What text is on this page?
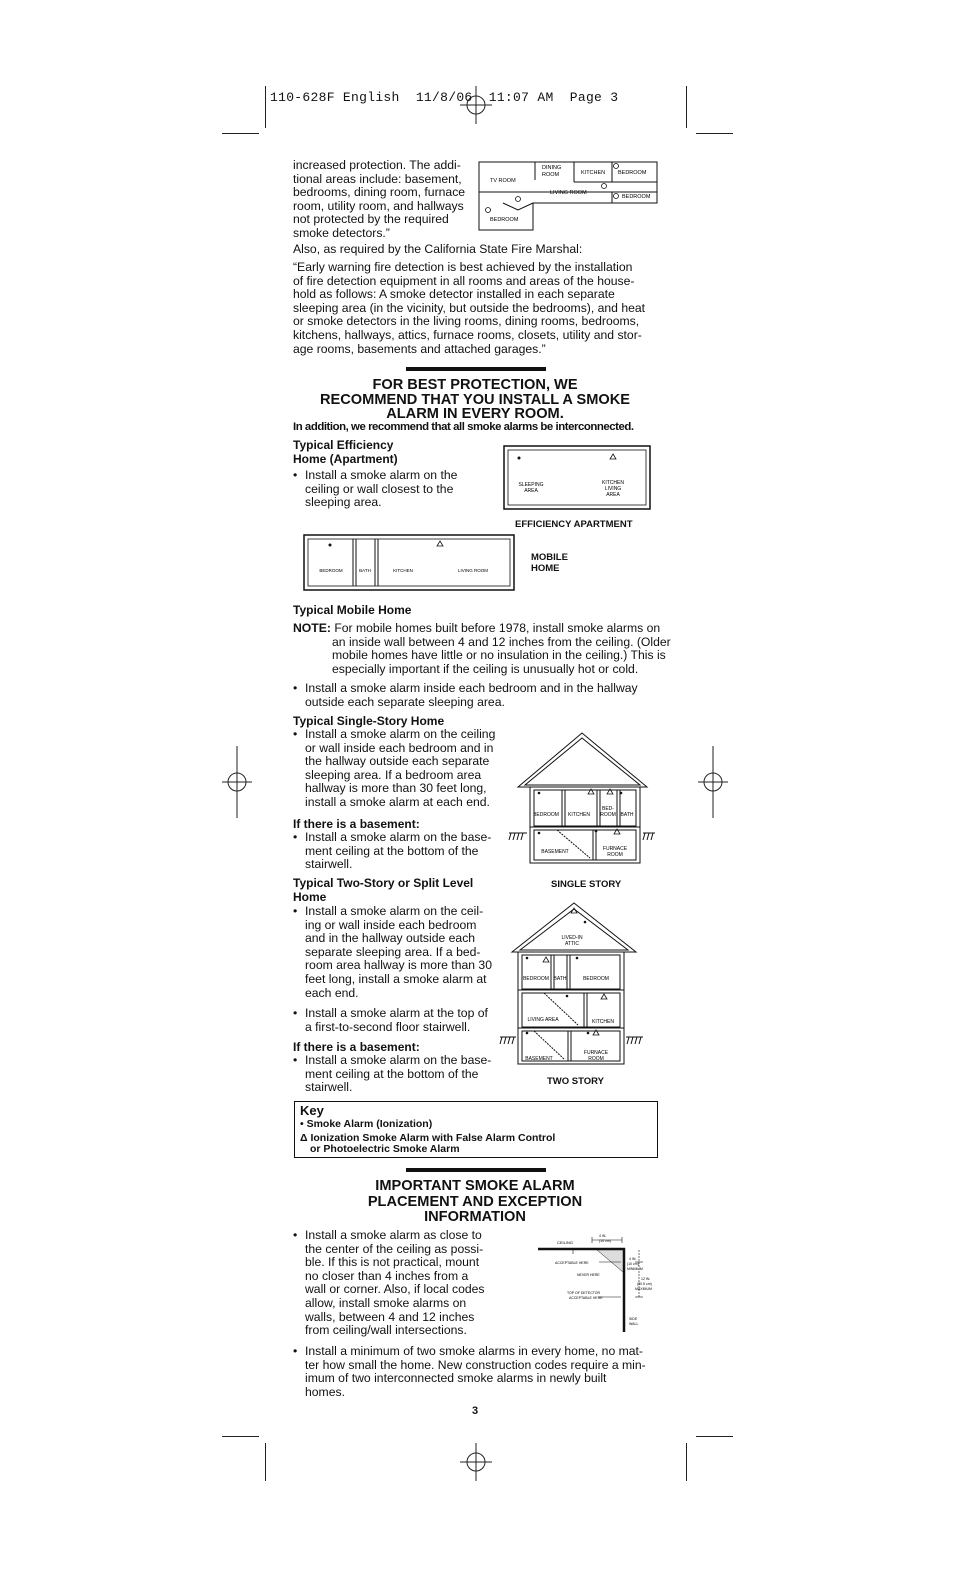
110-628F English  11/8/06  11:07 AM  Page 3
increased protection. The addi-
tional areas include: basement,
bedrooms, dining room, furnace
room, utility room, and hallways
not protected by the required
smoke detectors.”
TV ROOM
DINING
ROOM	KITCHEN BEDROOM
LIVING ROOM
BEDROOM
BEDROOM
Also, as required by the California State Fire Marshal:
“Early warning fire detection is best achieved by the installation
of fire detection equipment in all rooms and areas of the house-
hold as follows: A smoke detector installed in each separate
sleeping area (in the vicinity, but outside the bedrooms), and heat
or smoke detectors in the living rooms, dining rooms, bedrooms,
kitchens, hallways, attics, furnace rooms, closets, utility and stor-
age rooms, basements and attached garages.”
FOR BEST PROTECTION, WE
RECOMMEND THAT YOU INSTALL A SMOKE
ALARM IN EVERY ROOM.
In addition, we recommend that all smoke alarms be interconnected.
Typical Efficiency
Home (Apartment)
• Install a smoke alarm on the
ceiling or wall closest to the
sleeping area.
SLEEPING
AREA
KITCHEN
LIVING
AREA
EFFICIENCY APARTMENT
BEDROOM	BATH	KITCHEN	LIVING ROOM
MOBILE
HOME
Typical Mobile Home
NOTE: For mobile homes built before 1978, install smoke alarms on
an inside wall between 4 and 12 inches from the ceiling. (Older
mobile homes have little or no insulation in the ceiling.) This is
especially important if the ceiling is unusually hot or cold.
• Install a smoke alarm inside each bedroom and in the hallway
outside each separate sleeping area.
Typical Single-Story Home
• Install a smoke alarm on the ceiling
or wall inside each bedroom and in
the hallway outside each separate
sleeping area. If a bedroom area
hallway is more than 30 feet long,
install a smoke alarm at each end.
If there is a basement:
• Install a smoke alarm on the base-
ment ceiling at the bottom of the
stairwell.
BEDROOM KITCHEN
BED-
ROOM BATH
BASEMENT	FURNACE
ROOM
SINGLE STORY
Typical Two-Story or Split Level
Home
• Install a smoke alarm on the ceil-
ing or wall inside each bedroom
and in the hallway outside each
separate sleeping area. If a bed-
room area hallway is more than 30
feet long, install a smoke alarm at
each end.
• Install a smoke alarm at the top of
a first-to-second floor stairwell.
If there is a basement:
• Install a smoke alarm on the base-
ment ceiling at the bottom of the
stairwell.
LIVED-IN
ATTIC
BEDROOM BATH	BEDROOM
LIVING AREA	KITCHEN
BASEMENT
FURNACE
ROOM
TWO STORY
Key
• Smoke Alarm (Ionization)
Δ Ionization Smoke Alarm with False Alarm Control
or Photoelectric Smoke Alarm
IMPORTANT SMOKE ALARM
PLACEMENT AND EXCEPTION
INFORMATION
• Install a smoke alarm as close to
the center of the ceiling as possi-
ble. If this is not practical, mount
no closer than 4 inches from a
wall or corner. Also, if local codes
allow, install smoke alarms on
walls, between 4 and 12 inches
from ceiling/wall intersections.
CEILING
4 IN.
(10 cm)
ACCEPTABLE HERE
NEVER HERE
TOP OF DETECTOR
ACCEPTABLE HERE
4 IN.
(10 cm)
MINIMUM
12 IN.
(30.5 cm)
MAXIMUM
SIDE
WALL
• Install a minimum of two smoke alarms in every home, no mat-
ter how small the home. New construction codes require a min-
imum of two interconnected smoke alarms in newly built
homes.
3
